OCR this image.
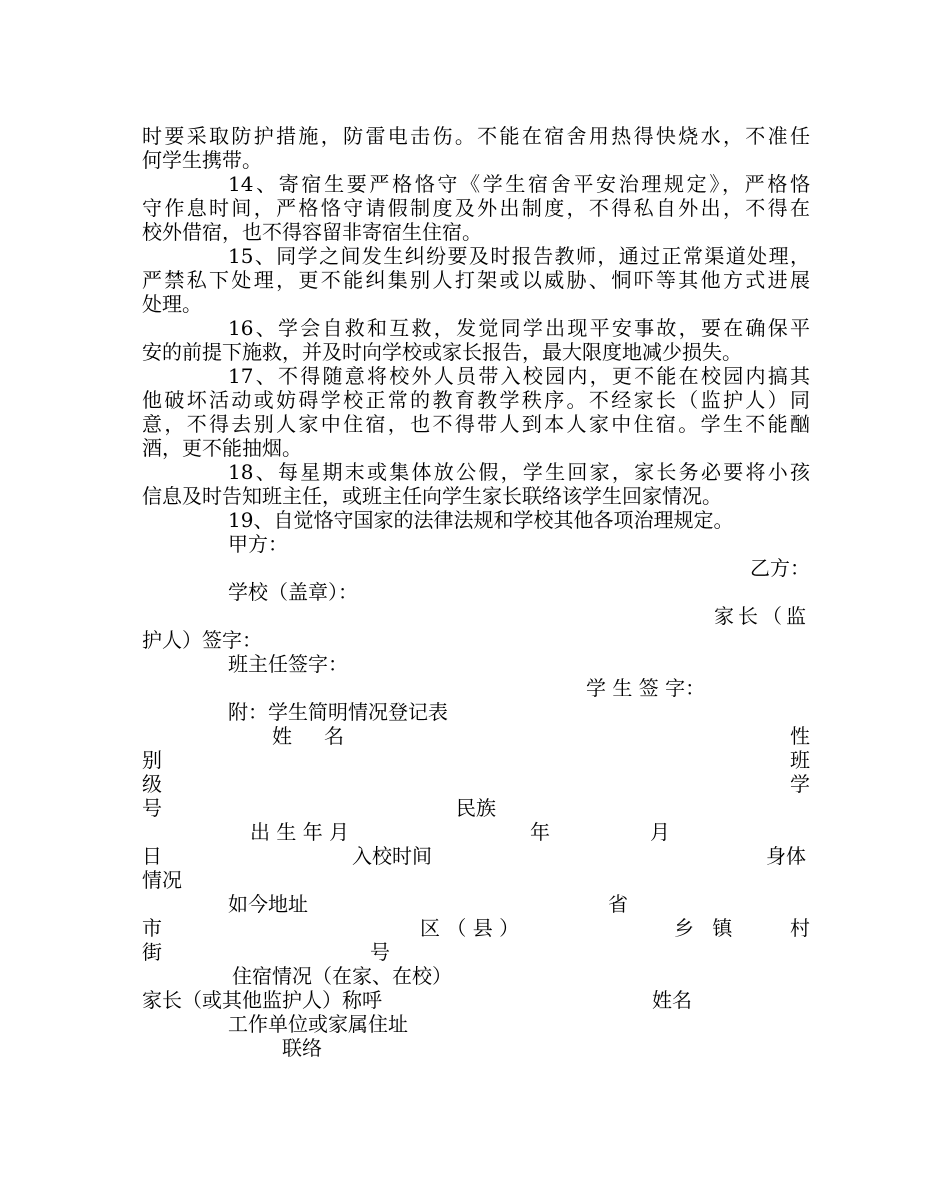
时要采取防护措施，防雷电击伤。不能在宿舍用热得快烧水，不准任
何学生携带。
14、寄宿生要严格恪守《学生宿舍平安治理规定》，严格恪
守作息时间，严格恪守请假制度及外出制度，不得私自外出，不得在
校外借宿，也不得容留非寄宿生住宿。
15、同学之间发生纠纷要及时报告教师，通过正常渠道处理，
严禁私下处理，更不能纠集别人打架或以威胁、恫吓等其他方式进展
处理。
16、学会自救和互救，发觉同学出现平安事故，要在确保平
安的前提下施救，并及时向学校或家长报告，最大限度地减少损失。
17、不得随意将校外人员带入校园内，更不能在校园内搞其
他破坏活动或妨碍学校正常的教育教学秩序。不经家长（监护人）同
意，不得去别人家中住宿，也不得带人到本人家中住宿。学生不能酗
酒，更不能抽烟。
18、每星期末或集体放公假，学生回家，家长务必要将小孩
信息及时告知班主任，或班主任向学生家长联络该学生回家情况。
19、自觉恪守国家的法律法规和学校其他各项治理规定。
甲方：
乙方：
学校（盖章）：
家长（监
护人）签字：
班主任签字：
学 生 签 字：
附：学生简明情况登记表
姓　名	性
别	班
级	学
号	民族
出 生 年 月	年	月
日	入校时间	身体
情况
如今地址	省
市	区 （ 县 ）	乡 镇	村
街	号
住宿情况（在家、在校）
家长（或其他监护人）称呼	姓名
工作单位或家属住址
联络
